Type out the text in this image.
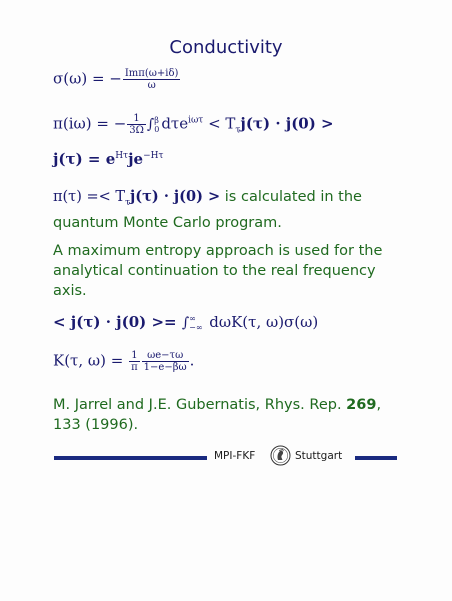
Conductivity
σ(ω) = − $\frac{\text{Imπ(ω+iδ)}}{\omega}$
π(iω) = − $\frac{1}{3\Omega}$ ∫ β
0 $d\tau e^{i\omega\tau} < T_\tau j(\tau) \cdot j(0)$ >
$j(\tau) = e^{H\tau}je^{-H\tau}$
$\pi(\tau) =< T_\tau j(\tau) \cdot j(0)$ > is calculated in the quantum Monte Carlo program.
A maximum entropy approach is used for the analytical continuation to the real frequency axis.
< j(τ) · j(0) >= ∫ ∞
−∞ dωK(τ, ω)σ(ω)
K(τ, $\omega) = \frac{1}{\pi} \frac{\omega e-\tau\omega}{1-e-\beta\omega}$ .
M. Jarrel and J.E. Gubernatis, Rhys. Rep. 269, 133 (1996).
MPI-FKF	Stuttgart
